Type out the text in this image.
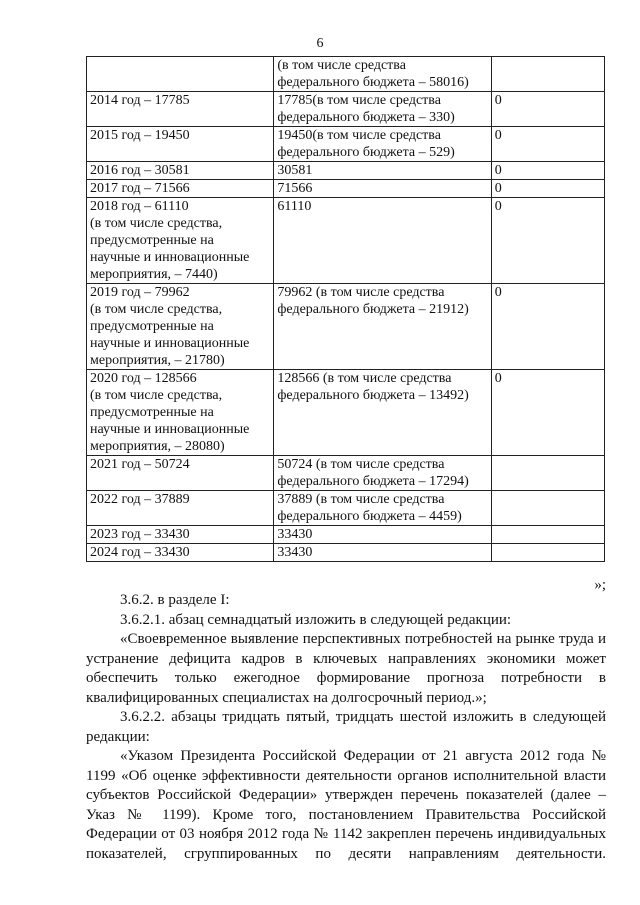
6

	(в том числе средства
федерального бюджета – 58016)	

2014 год – 17785	17785(в том числе средства
федерального бюджета – 330)	0

2015 год – 19450	19450(в том числе средства
федерального бюджета – 529)	0

2016 год – 30581	30581	0

2017 год – 71566	71566	0

2018 год – 61110
(в том числе средства,
предусмотренные на
научные и инновационные
мероприятия, – 7440)	61110	0

2019 год – 79962
(в том числе средства,
предусмотренные на
научные и инновационные
мероприятия, – 21780)	79962 (в том числе средства
федерального бюджета – 21912)	0

2020 год – 128566
(в том числе средства,
предусмотренные на
научные и инновационные
мероприятия, – 28080)	128566 (в том числе средства
федерального бюджета – 13492)	0

2021 год – 50724	50724 (в том числе средства
федерального бюджета – 17294)	

2022 год – 37889	37889 (в том числе средства
федерального бюджета – 4459)	

2023 год – 33430	33430	

2024 год – 33430	33430	

»;
3.6.2. в разделе I:
3.6.2.1. абзац семнадцатый изложить в следующей редакции:
«Своевременное выявление перспективных потребностей на рынке труда и устранение дефицита кадров в ключевых направлениях экономики может обеспечить только ежегодное формирование прогноза потребности в квалифицированных специалистах на долгосрочный период.»;
3.6.2.2. абзацы тридцать пятый, тридцать шестой изложить в следующей редакции:
«Указом Президента Российской Федерации от 21 августа 2012 года № 1199 «Об оценке эффективности деятельности органов исполнительной власти субъектов Российской Федерации» утвержден перечень показателей (далее – Указ № 1199). Кроме того, постановлением Правительства Российской Федерации от 03 ноября 2012 года № 1142 закреплен перечень индивидуальных показателей, сгруппированных по десяти направлениям деятельности.
